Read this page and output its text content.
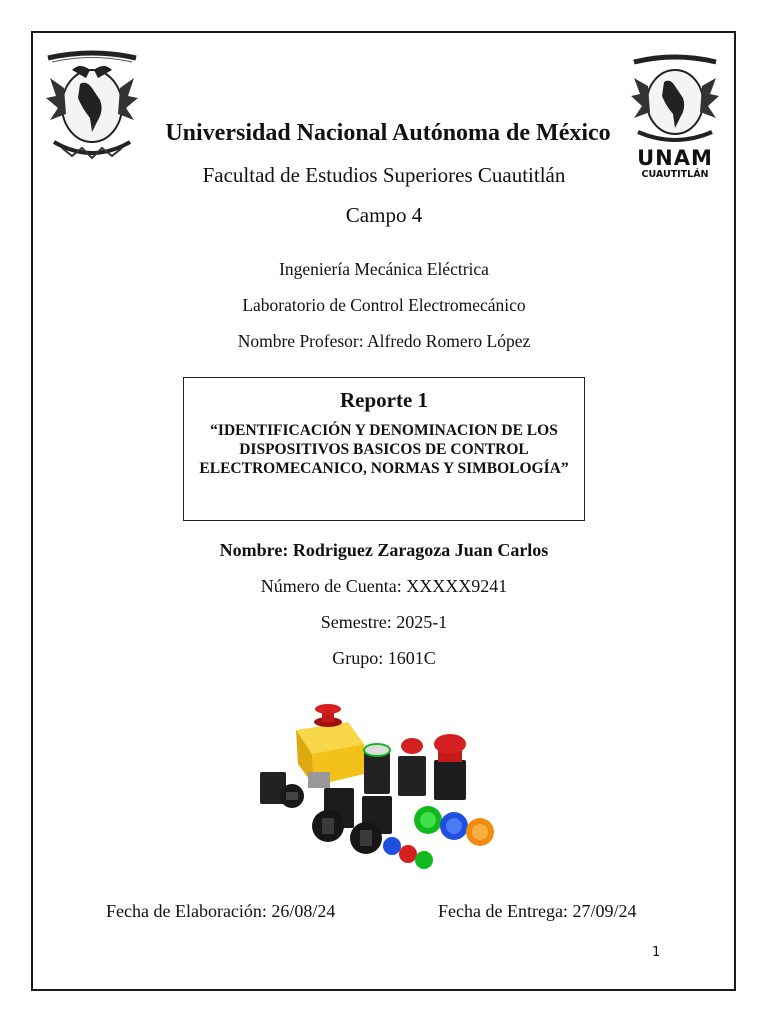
UNAM
CUAUTITLÁN
Universidad Nacional Autónoma de México
Facultad de Estudios Superiores Cuautitlán
Campo 4
Ingeniería Mecánica Eléctrica
Laboratorio de Control Electromecánico
Nombre Profesor: Alfredo Romero López
Reporte 1
“IDENTIFICACIÓN Y DENOMINACION DE LOS DISPOSITIVOS BASICOS DE CONTROL ELECTROMECANICO, NORMAS Y SIMBOLOGÍA”
Nombre: Rodriguez Zaragoza Juan Carlos
Número de Cuenta: XXXXX9241
Semestre: 2025-1
Grupo: 1601C
Fecha de Elaboración: 26/08/24	Fecha de Entrega: 27/09/24
1
